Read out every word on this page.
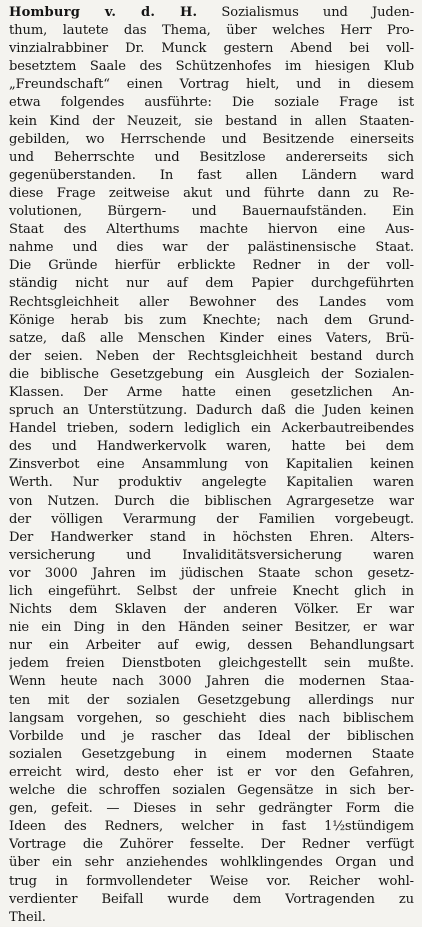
Homburg v. d. H. Sozialismus und Juden-
thum, lautete das Thema, über welches Herr Pro-
vinzialrabbiner Dr. Munck gestern Abend bei voll-
besetztem Saale des Schützenhofes im hiesigen Klub
„Freundschaft“ einen Vortrag hielt, und in diesem
etwa folgendes ausführte: Die soziale Frage ist
kein Kind der Neuzeit, sie bestand in allen Staaten-
gebilden, wo Herrschende und Besitzende einerseits
und Beherrschte und Besitzlose andererseits sich
gegenüberstanden. In fast allen Ländern ward
diese Frage zeitweise akut und führte dann zu Re-
volutionen, Bürgern- und Bauernaufständen. Ein
Staat des Alterthums machte hiervon eine Aus-
nahme und dies war der palästinensische Staat.
Die Gründe hierfür erblickte Redner in der voll-
ständig nicht nur auf dem Papier durchgeführten
Rechtsgleichheit aller Bewohner des Landes vom
Könige herab bis zum Knechte; nach dem Grund-
satze, daß alle Menschen Kinder eines Vaters, Brü-
der seien. Neben der Rechtsgleichheit bestand durch
die biblische Gesetzgebung ein Ausgleich der Sozialen-
Klassen. Der Arme hatte einen gesetzlichen An-
spruch an Unterstützung. Dadurch daß die Juden keinen
Handel trieben, sodern lediglich ein Ackerbautreibendes
des und Handwerkervolk waren, hatte bei dem
Zinsverbot eine Ansammlung von Kapitalien keinen
Werth. Nur produktiv angelegte Kapitalien waren
von Nutzen. Durch die biblischen Agrargesetze war
der völligen Verarmung der Familien vorgebeugt.
Der Handwerker stand in höchsten Ehren. Alters-
versicherung und Invaliditätsversicherung waren
vor 3000 Jahren im jüdischen Staate schon gesetz-
lich eingeführt. Selbst der unfreie Knecht glich in
Nichts dem Sklaven der anderen Völker. Er war
nie ein Ding in den Händen seiner Besitzer, er war
nur ein Arbeiter auf ewig, dessen Behandlungsart
jedem freien Dienstboten gleichgestellt sein mußte.
Wenn heute nach 3000 Jahren die modernen Staa-
ten mit der sozialen Gesetzgebung allerdings nur
langsam vorgehen, so geschieht dies nach biblischem
Vorbilde und je rascher das Ideal der biblischen
sozialen Gesetzgebung in einem modernen Staate
erreicht wird, desto eher ist er vor den Gefahren,
welche die schroffen sozialen Gegensätze in sich ber-
gen, gefeit. — Dieses in sehr gedrängter Form die
Ideen des Redners, welcher in fast 1½stündigem
Vortrage die Zuhörer fesselte. Der Redner verfügt
über ein sehr anziehendes wohlklingendes Organ und
trug in formvollendeter Weise vor. Reicher wohl-
verdienter Beifall wurde dem Vortragenden zu
Theil.
